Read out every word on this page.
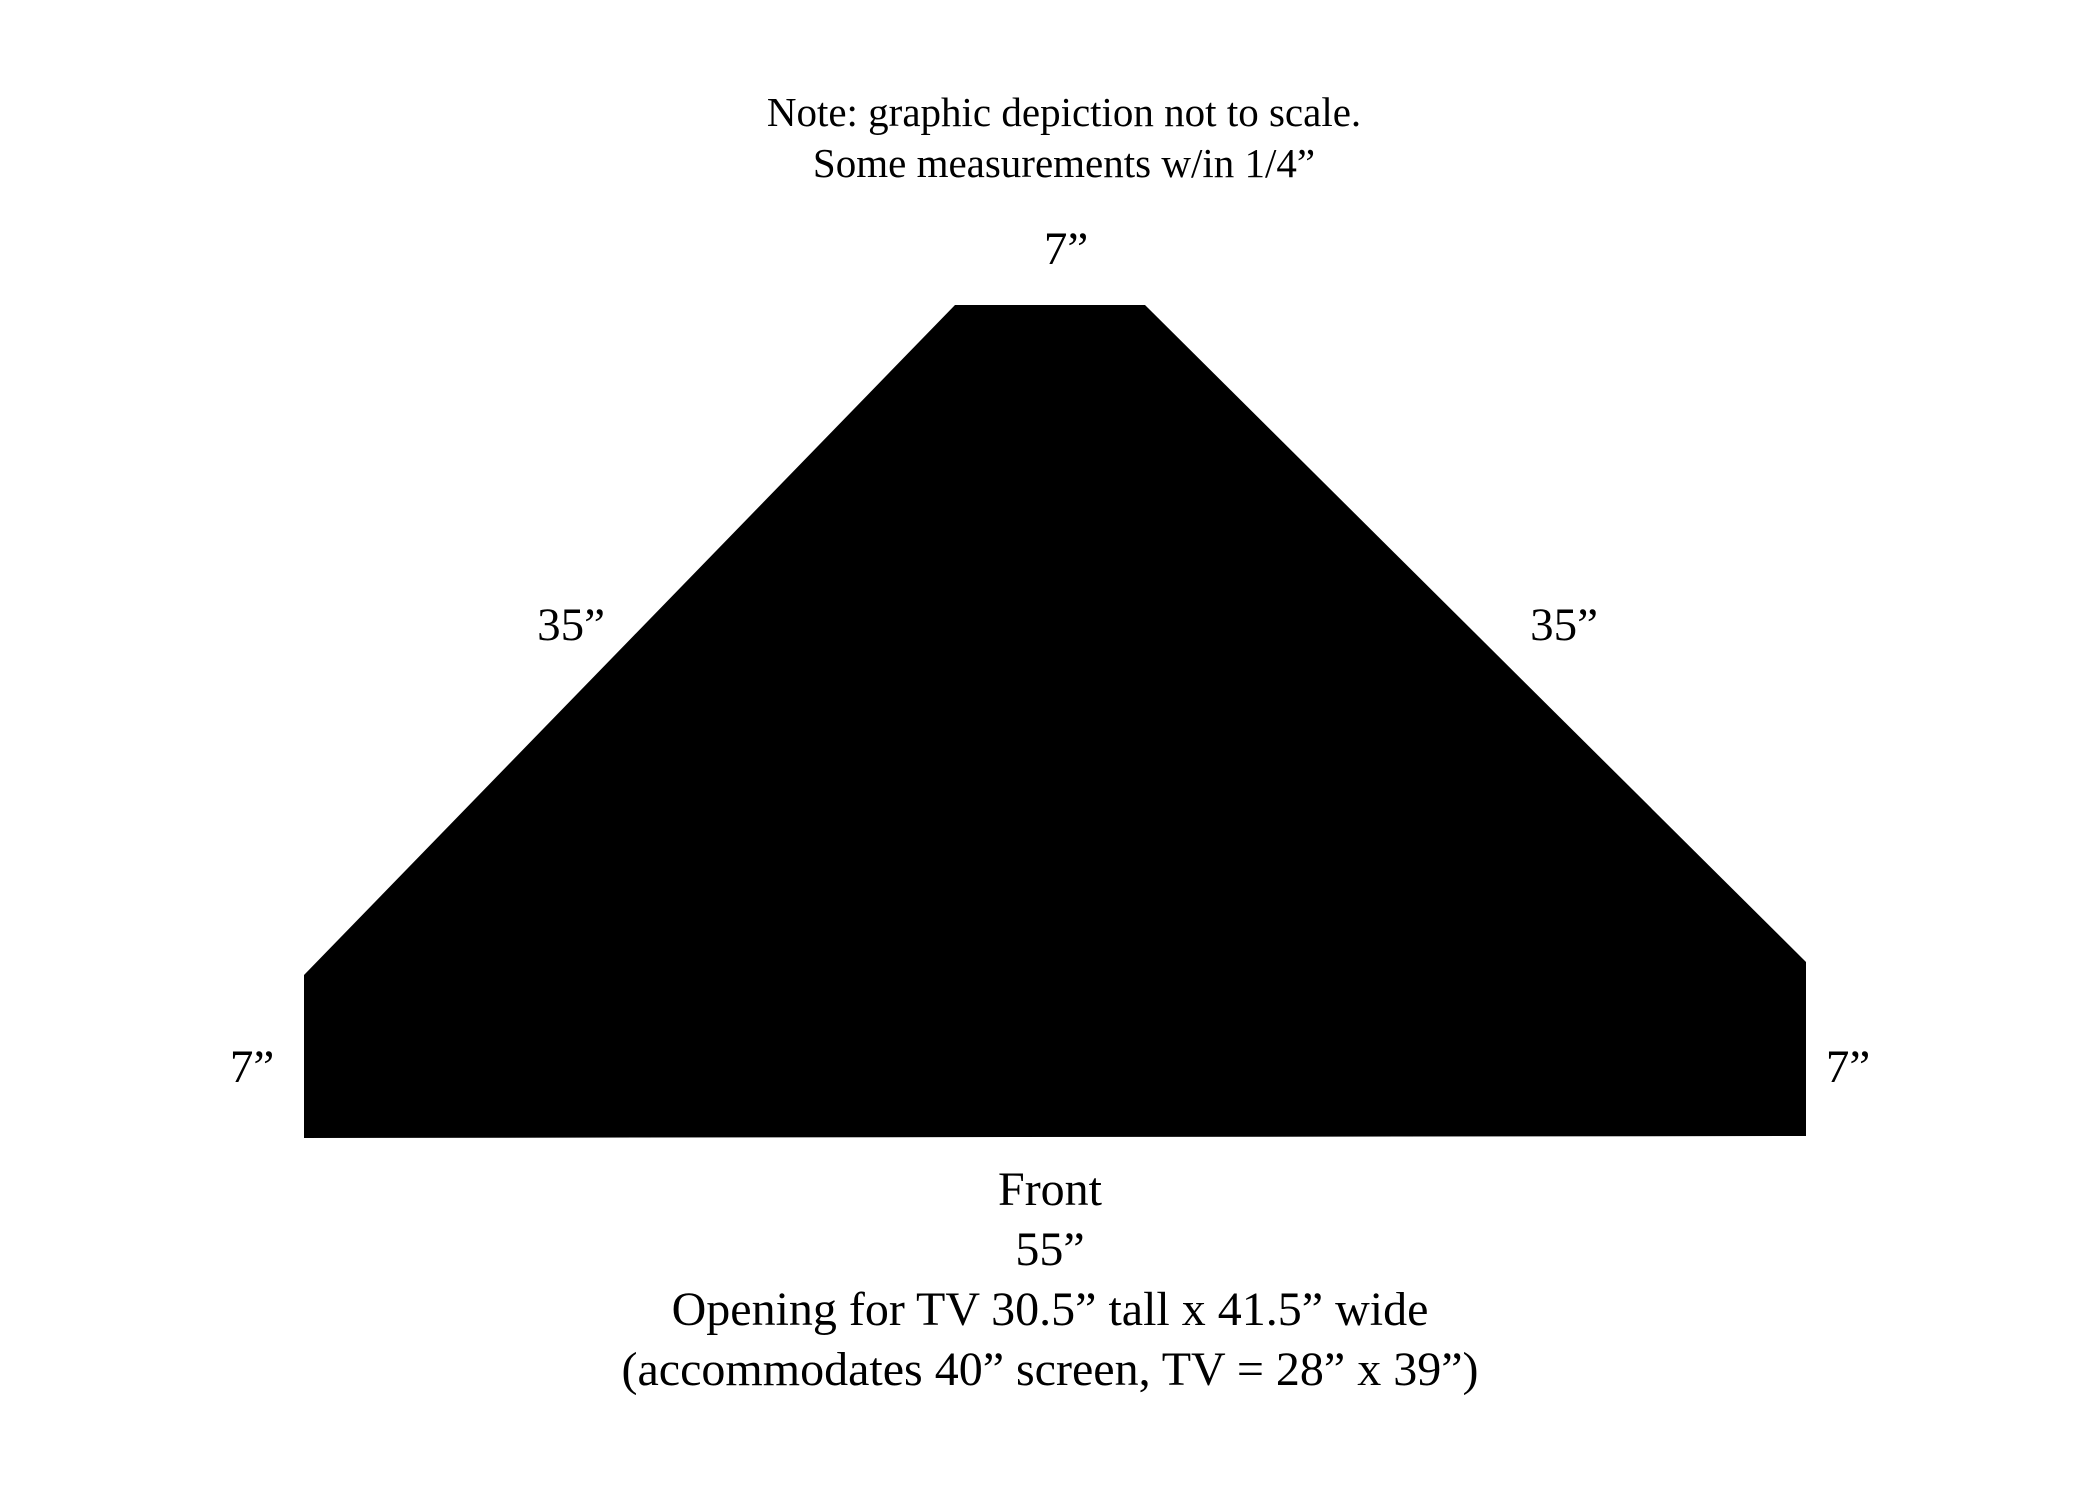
Note: graphic depiction not to scale.
Some measurements w/in 1/4”
7”
35”	35”
7”	7”
Front
55”
Opening for TV 30.5” tall x 41.5” wide
(accommodates 40” screen, TV = 28” x 39”)
